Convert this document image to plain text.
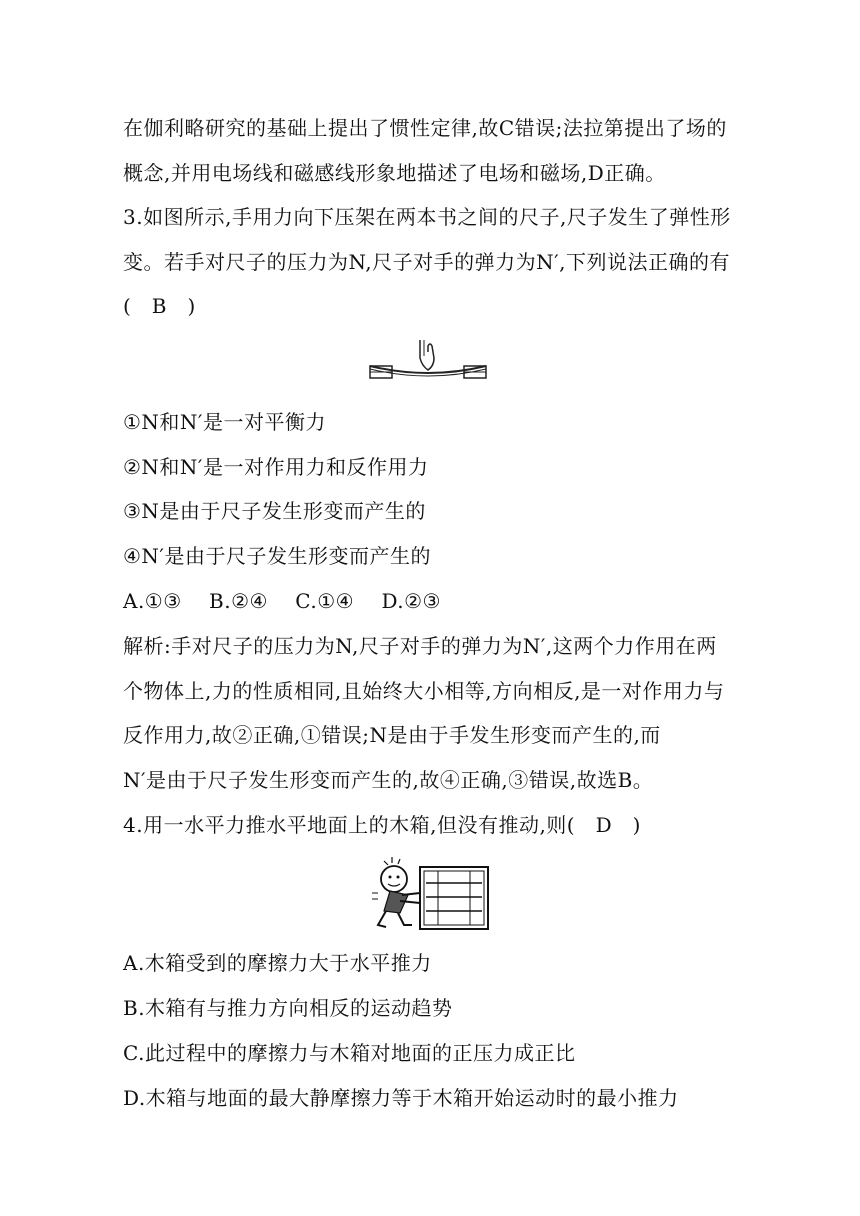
在伽利略研究的基础上提出了惯性定律,故C错误;法拉第提出了场的
概念,并用电场线和磁感线形象地描述了电场和磁场,D正确。
3.如图所示,手用力向下压架在两本书之间的尺子,尺子发生了弹性形
变。若手对尺子的压力为N,尺子对手的弹力为N′,下列说法正确的有
(　B　)
①N和N′是一对平衡力
②N和N′是一对作用力和反作用力
③N是由于尺子发生形变而产生的
④N′是由于尺子发生形变而产生的
A.①③　 B.②④　 C.①④　 D.②③
解析:手对尺子的压力为N,尺子对手的弹力为N′,这两个力作用在两
个物体上,力的性质相同,且始终大小相等,方向相反,是一对作用力与
反作用力,故②正确,①错误;N是由于手发生形变而产生的,而
N′是由于尺子发生形变而产生的,故④正确,③错误,故选B。
4.用一水平力推水平地面上的木箱,但没有推动,则(　D　)
A.木箱受到的摩擦力大于水平推力
B.木箱有与推力方向相反的运动趋势
C.此过程中的摩擦力与木箱对地面的正压力成正比
D.木箱与地面的最大静摩擦力等于木箱开始运动时的最小推力
